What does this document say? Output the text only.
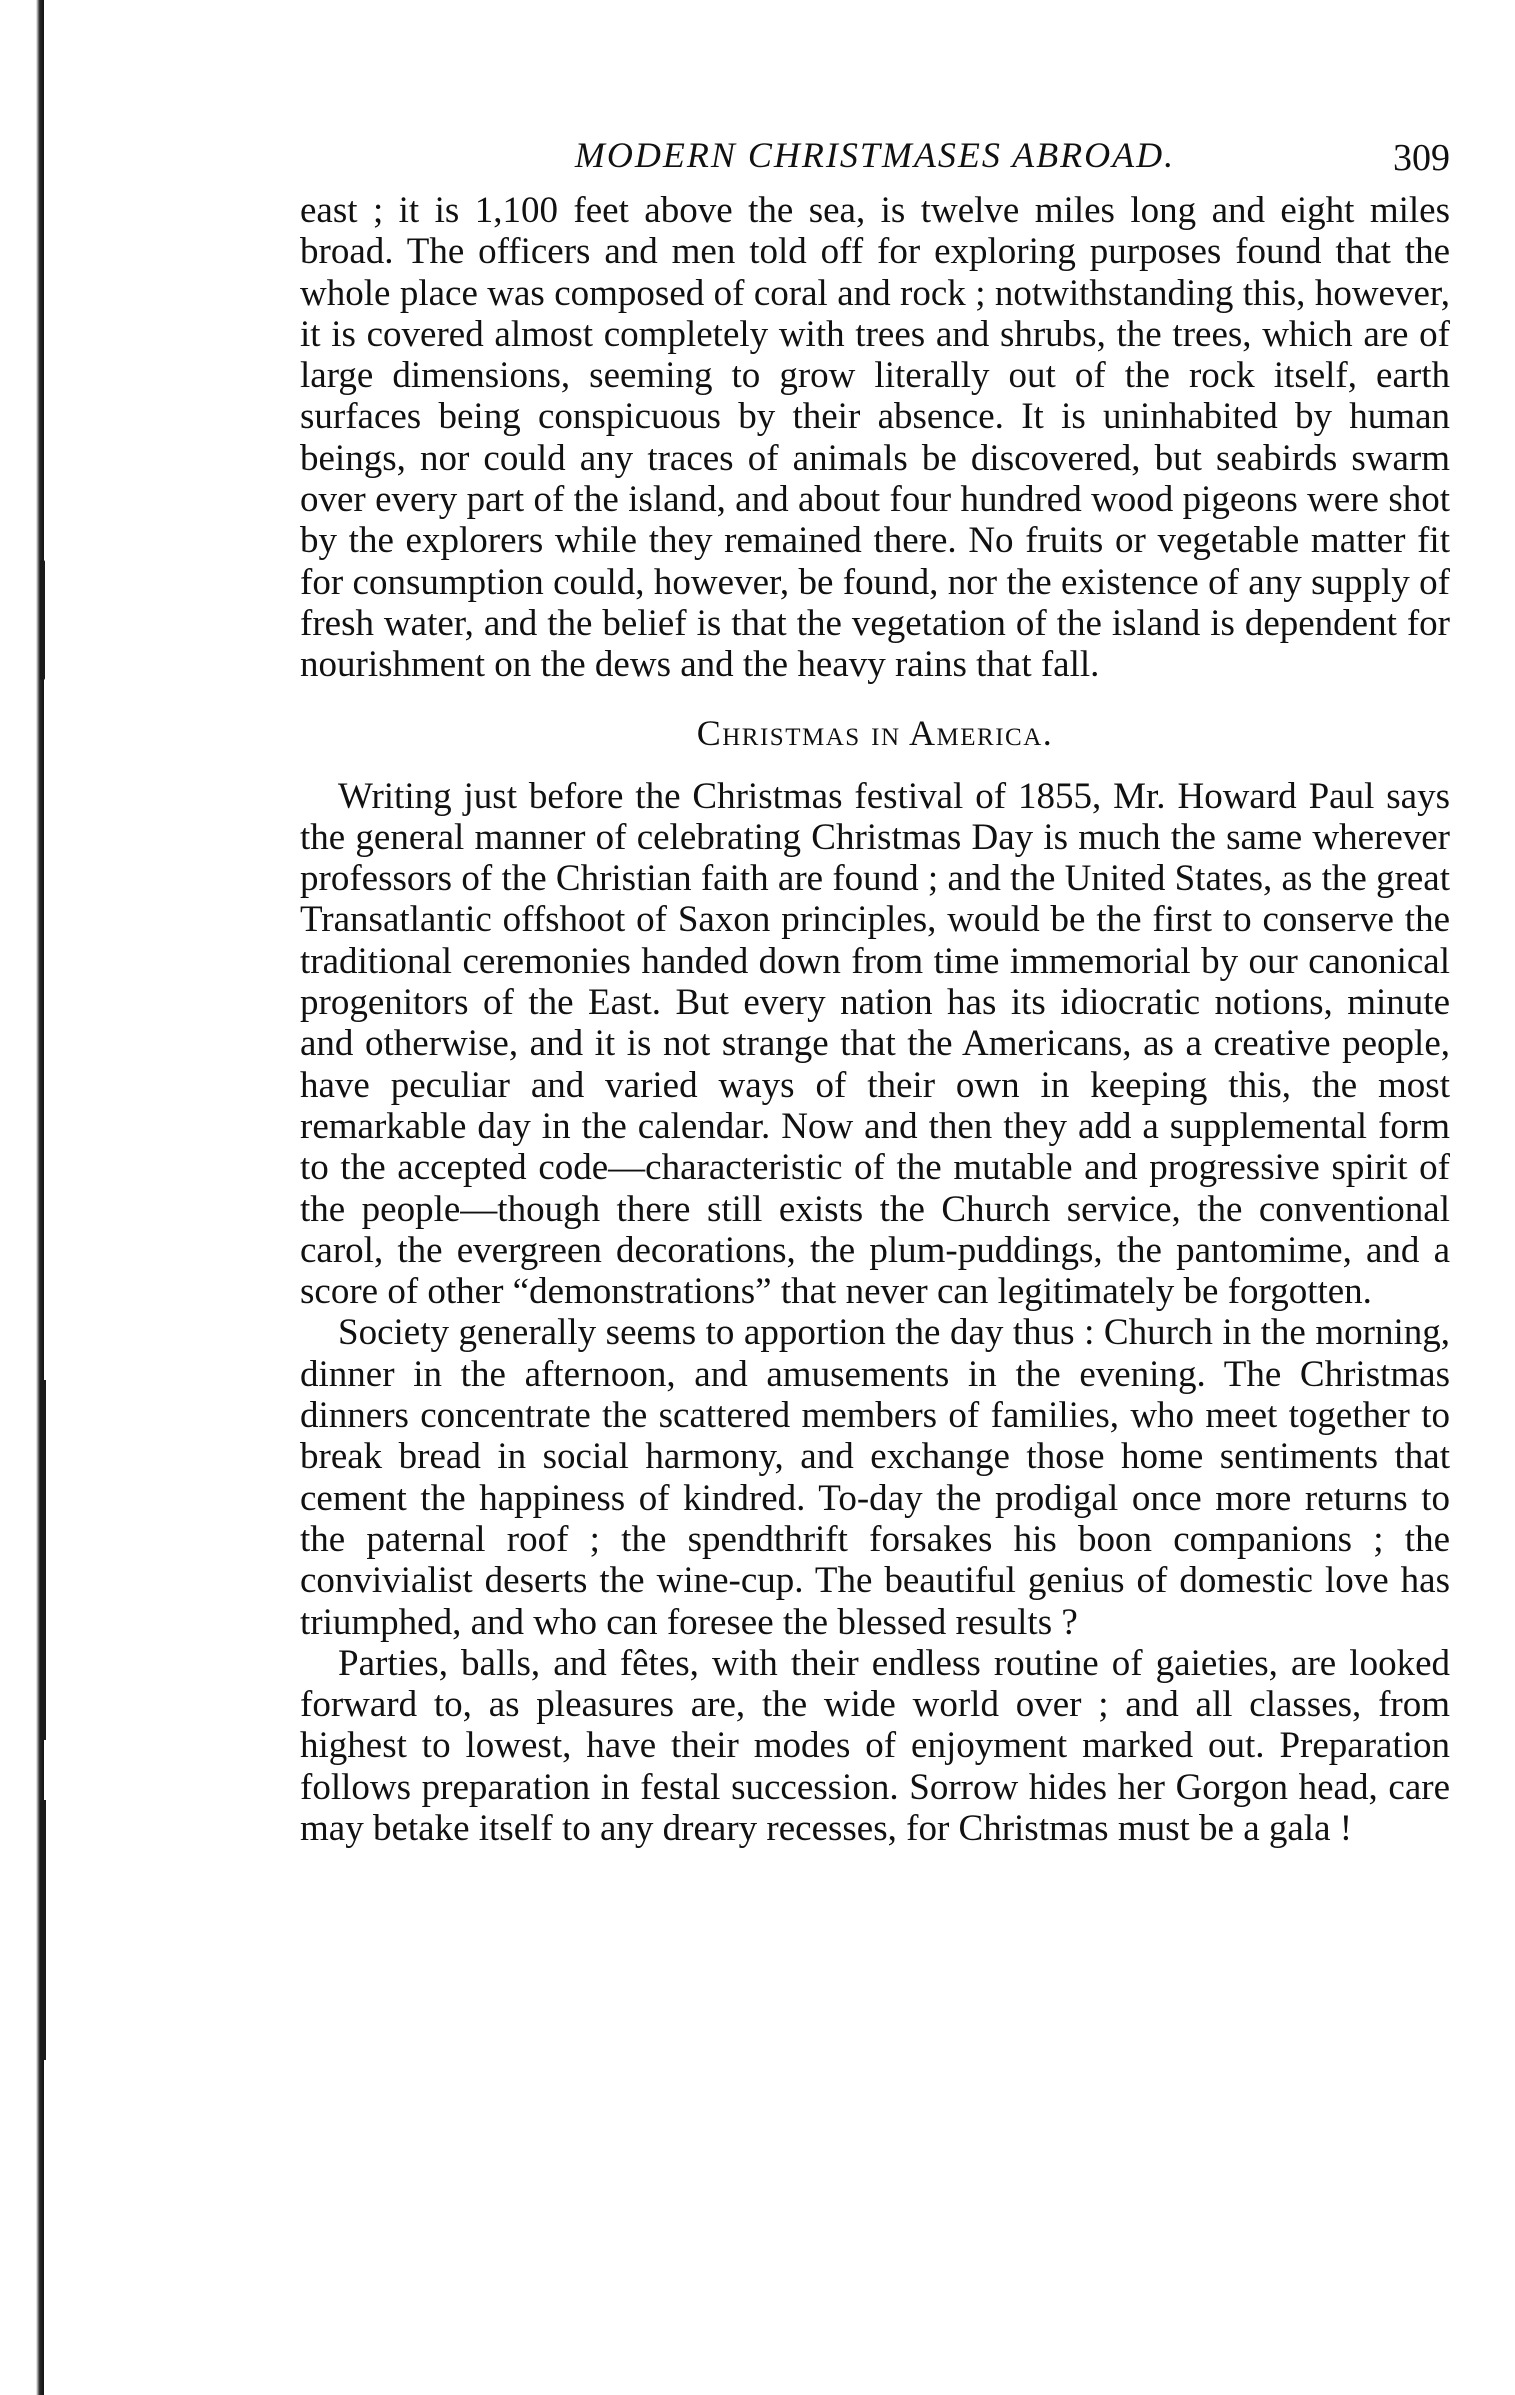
MODERN CHRISTMASES ABROAD.	309

east ; it is 1,100 feet above the sea, is twelve miles long and eight miles broad. The officers and men told off for exploring purposes found that the whole place was composed of coral and rock ; notwithstanding this, however, it is covered almost completely with trees and shrubs, the trees, which are of large dimensions, seeming to grow literally out of the rock itself, earth surfaces being conspicuous by their absence. It is uninhabited by human beings, nor could any traces of animals be discovered, but seabirds swarm over every part of the island, and about four hundred wood pigeons were shot by the explorers while they remained there. No fruits or vegetable matter fit for consumption could, however, be found, nor the existence of any supply of fresh water, and the belief is that the vegetation of the island is dependent for nourishment on the dews and the heavy rains that fall.

Christmas in America.

Writing just before the Christmas festival of 1855, Mr. Howard Paul says the general manner of celebrating Christmas Day is much the same wherever professors of the Christian faith are found ; and the United States, as the great Transatlantic offshoot of Saxon principles, would be the first to conserve the traditional ceremonies handed down from time immemorial by our canonical progenitors of the East. But every nation has its idiocratic notions, minute and otherwise, and it is not strange that the Americans, as a creative people, have peculiar and varied ways of their own in keeping this, the most remarkable day in the calendar. Now and then they add a supplemental form to the accepted code—characteristic of the mutable and progressive spirit of the people—though there still exists the Church service, the conventional carol, the evergreen decorations, the plum-puddings, the pantomime, and a score of other “demonstrations” that never can legitimately be forgotten.

Society generally seems to apportion the day thus : Church in the morning, dinner in the afternoon, and amusements in the evening. The Christmas dinners concentrate the scattered members of families, who meet together to break bread in social harmony, and exchange those home sentiments that cement the happiness of kindred. To-day the prodigal once more returns to the paternal roof ; the spendthrift forsakes his boon companions ; the convivialist deserts the wine-cup. The beautiful genius of domestic love has triumphed, and who can foresee the blessed results ?

Parties, balls, and fêtes, with their endless routine of gaieties, are looked forward to, as pleasures are, the wide world over ; and all classes, from highest to lowest, have their modes of enjoyment marked out. Preparation follows preparation in festal succession. Sorrow hides her Gorgon head, care may betake itself to any dreary recesses, for Christmas must be a gala !
